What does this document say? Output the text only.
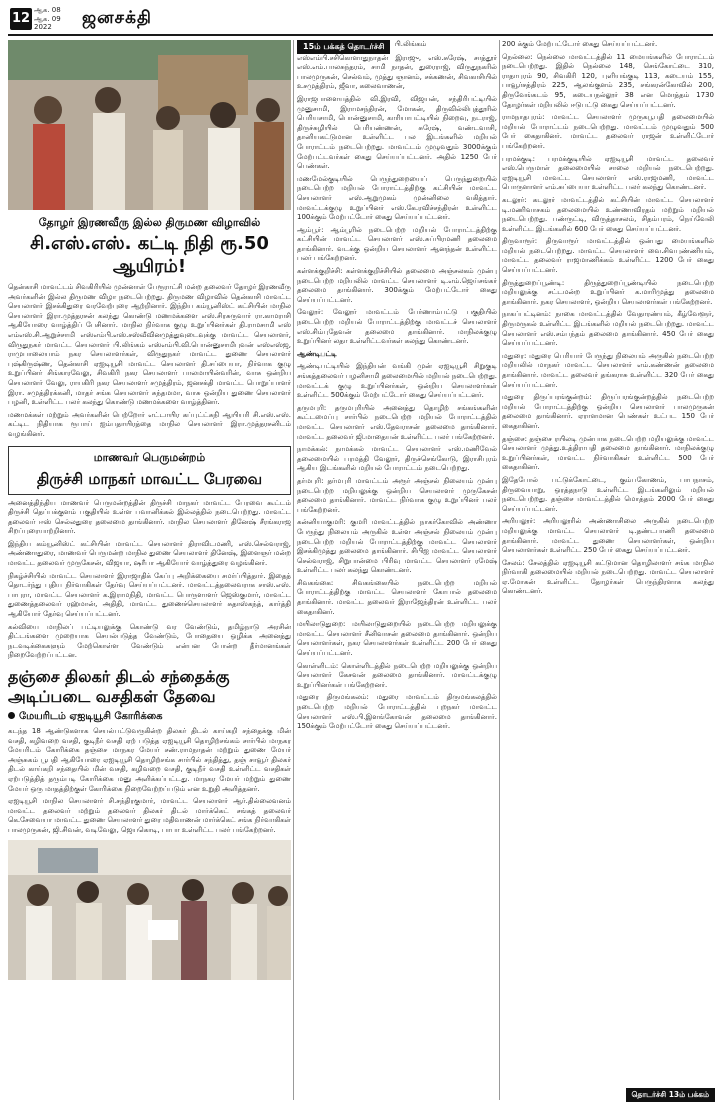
12
ஆக. 08
ஆக. 09
2022	ஜனசக்தி
தோழர் இரணவீரு இல்ல திருமண விழாவில்
சி.எஸ்.எஸ். கட்டி நிதி ரூ.50 ஆயிரம்!

தென்காசி மாவட்டம் சிவகிரியில் முன்னாள் பேரூராட்சி மன்ற தலைவர் தோழர் இரணவீரு அவர்களின் இல்ல திருமண விழா நடைபெற்றது. திருமண விழாவில் தென்காசி மாவட்ட செயலாளர் இசக்கிதுரை வரவேற்புரை ஆற்றினார். இந்திய கம்யூனிஸ்ட் கட்சியின் மாநில செயலாளர் இரா.முத்தரசன் கலந்து கொண்டு மணமக்களை எஸ்.சிரசுருவார் ரா.காமராசி ஆகியோரை வாழ்த்திப் பேசினார். மாநில நிர்வாக குழு உறுப்பினர்கள் தி.ராமசாமி எஸ் எம்எஸ்.சி.ஆறுச்சாமி எஸ்எம்பி.எஸ்.சஸ்வீவினமுத்துவுடைவுக்கு மாவட்ட செயலாளர், விருதுநகர் மாவட்ட செயலாளர் பி.லிங்கம் எஸ்எம்பி.வி.பொன்னுசாமிபுவன் எஸ்எஸ்ஜ, ராமுபாலையாம் நகர செயலாளர்கள், விருதுநகர் மாவட்ட துணை செயலாளர் புஷ்கிருஷ்ண, தென்காசி ஏஐடியூசி மாவட்ட செயலாளர் தி.சப்பையா, நிர்வாக குழு உறுப்பினர் சிங்காரவேலு, சிவகிரி நகர செயலாளர் பாலமாயின்வரின், வாசு ஒன்றிய செயலாளர் வேலு, ராயகிரி நகர செயலாளர் சமுத்திரம், ஜனசக்தி மாவட்ட பொறுப்பாளர் இரா. சமுத்திரக்கனி, மாதர் சங்க செயலாளர் சுந்தமமா, வாசு ஒன்றிய துணை செயலாளர் பழனி, உள்ளிட்ட பலர் கலந்து கொண்டு மணமக்களை வாழ்த்தினர்.

மணமக்கள் மற்றும் அவர்களின் பெற்றோர் எட்டாயிர கப்புட்ட்சுநி ஆயியரி சி.எஸ்.எஸ். கட்டிட நிதியாக ரூபாய் ஐம்பதாயிரத்தை மாநில செயலாளர் இரா.முத்தரசனிடம் வழங்கினர்.

மாணவர் பெருமன்றம்
திருச்சி மாநகர் மாவட்ட பேரவை

அனைத்திந்திய மாணவர் பெருமன்றத்தின் திருச்சி மாநகர் மாவட்ட பேரவை கூட்டம் திருச்சி தெப்பக்குளம் பகுதியில் உள்ள பவானிக்கல் இல்லத்தில் நடைபெற்றது. மாவட்ட தலைவர் ஈஸ் செல்லதுரை தலைமை தாங்கினார். மாநில செயலாளர் தினேஷ் சீரங்கராஜ சிறப்புரையாற்றினார்.

இந்திய கம்யூனிஸ்ட் கட்சியின் மாவட்ட செயலாளர் திராவிடமணி, எஸ்.செல்வராஜ், அண்ணாதுரை, மாணவர் பெருமன்ற மாநில துணை செயலாளர் தினேஷ், இளைஞர் மன்ற மாவட்ட தலைவர் முருகேசன், விஜயா, ஷரீபா ஆகியோர் வாழ்த்துரை வழங்கினர்.

நிகழ்ச்சியில் மாவட்ட செயலாளர் இராஜாதிக் கேப்பு அறிக்கையை சமர்ப்பித்தார். இதைத் தொடர்ந்து புதிய நிர்வாகிகள் தேர்வு செய்யப்பட்டனர். மாவட்டத்தலைவராக சாஸ்.எஸ். பாபுரா, மாவட்ட செயலாளர் க.இராமநிதி, மாவட்ட பொருளாளர் ஜெஸ்குமார், மாவட்ட துணைத்தலைவர் ரஹ்மான், அதிதி, மாவட்ட துணைச்செயலாளர் சுதாஸ்கந்த், கார்த்தி ஆகியோர் தேர்வு செய்யப்பட்டனர்.

கல்வியை மாநிலப் பட்டியலுக்கு கொண்டு வர வேண்டும், தமிழ்நாடு அரசின் திட்டங்களை முறையாக செயல்படுத்த வேண்டும், போதையை ஒழிக்க அனைத்து நடவடிக்கைகளும் மேற்கொள்ள வேண்டும் என்பன போன்ற தீர்மானங்கள் நிறைவேற்றப்பட்டன.

தஞ்சை திலகர் திடல் சந்தைக்கு அடிப்படை வசதிகள் தேவை
மேயரிடம் ஏஐடியூசி கோரிக்கை

கடந்த 18 ஆண்டுகளாக செயல்பட்டுவருகின்ற திலகர் திடல் காய்கறி சந்தைக்கு மின் வசதி, கழிவறை வசதி, குடிநீர் வசதி ஏற் படுத்த ஏஐடியூசி தொழிற்சங்கம் சார்பில் மாநகர மேயரிடம் கோரிக்கை தஞ்சை மாநகர மேயர் சண்.ராமநாதன் மற்றும் துணை மேயர் அஞ்சுகம் பூபதி ஆகியோரை ஏஐடியூசி தொழிற்சங்க சார்பில் சந்தித்து, தஞ் சாவூர் திலகர் திடல் காய்கறி சந்தையில் மின் வசதி, கழிவறை வசதி, குடிநீர் வசதி உள்ளிட்ட வசதிகள் ஏற்படுத்தித் தரும்படி கோரிக்கை மனு அளிக்கப்பட்டது. மாநகர மேயர் மற்றும் துணை மேயர் ஒரு மாதத்திற்குள் கோரிக்கை நிறைவேற்றப்படும் என உறுதி அளித்தனர்.

ஏஐடியூசி மாநில செயலாளர் சி.சந்திரகுமார், மாவட்ட செயலாளர் ஆர்.தில்லைவனம் மாவட்ட தலைவர் மற்றும் தலைவர் திலகர் திடல் மார்க்கெட் சங்கத் தலைவர் கெ.சேவையா மாவட்ட துணை செயலாளர் துரை மதிவாணன் மார்க்கெட் சங்க நிர்வாகிகள் பாலமுருகன், ஜி.சிவன், வடிவேலு, ஜெயகொடி, பாபா உள்ளிட்ட பலர் பங்கேற்றனர்.

15ம் பக்கத் தொடர்ச்சி பி.லிங்கம் எஸ்எம்பி.சசிகொளாதுநாதன் இராஜு, எஸ்.சுரேஷ், சாத்தூர் எஸ்.எம்.பாலசுந்தரம், சாமி நாதன், துரைராஜ், விருதுநகரில் பாலமுருகன், செல்வம், முத்து ஞானம், சக்கணன், சிவகாசியில் உசமுத்திரம், ஜீவா, கலைவாணன்,

இராஜபாளையத்தில் வி.இரவி, விஜயன், சந்திரிபட்டியில் முனுசாமி, இராமசந்திரன், மோகன், திருவில்லிபுத்தூரில் பெரியசாமி, பொன்னுசாமி, காரியாபட்டியில் நிறைவு, நடராஜ், திருச்சுழியில் பெரியண்ணன், சுரேஷ், வ‌ண்டவாசி, தானியகட்டுமான உள்ளிட்ட பல இடங்களில் மறியல் போராட்டம் நடைபெற்றது. மாவட்டம் முழுவதும் 3000க்கும் மேற்பட்டவர்கள் கைது செய்யப்பட்டனர். அதில் 1250 பேர் பெண்கள்.

மணமேல்குடியில் பெருந்துறையைப் பெருந்துறையில் நடைபெற்ற மறியல் போராட்டத்திற்கு கட்சியின் மாவட்ட செயலாளர் எஸ்.ஆறுமுகம் முன்னிலை வகித்தார். மாவட்டக்குழு உறுப்பினர் எஸ்.கே.ரவிச்சந்திரன் உள்ளிட்ட 100க்கும் மேற்பட்டோர் கைது செய்யப்பட்டனர்.

ஆம்பூர்: ஆம்பூரில் நடைபெற்ற மறியல் போராட்டத்திற்கு கட்சியின் மாவட்ட செயலாளர் எஸ்.சுப்பிரமணி தலைமை தாங்கினார். வடக்கு ஒன்றிய செயலாளர் ஆனந்தன் உள்ளிட்ட பலர் பங்கேற்றனர்.

கள்ளக்குறிச்சி: கள்ளக்குறிச்சியில் தலைமை அஞ்சலகம் முன்பு நடைபெற்ற மறியலில் மாவட்ட செயலாளர் டி.எம்.ஜெய்சங்கர் தலைமை தாங்கினார். 300க்கும் மேற்பட்டோர் கைது செய்யப்பட்டனர்.

வேலூர்: வேலூர் மாவட்டம் பேர்ணாம்பட்டு பகுதியில் நடைபெற்ற மறியல் போராட்டத்திற்கு மாவட்டச் செயலாளர் எஸ்.சிம்புதேவன் தலைமை தாங்கினார். மாநிலக்குழு உறுப்பினர் லதா உள்ளிட்டவர்கள் கலந்து கொண்டனர்.

ஆண்டிபட்டி

ஆண்டிபட்டியில் இந்தியன் வங்கி முன் ஏஐடியூசி சிறுகுடி சங்கத்தலைவர் பழனிசாமி தலைமையில் மறியல் நடைபெற்றது. மாவட்டக் குழு உறுப்பினர்கள், ஒன்றிய செயலாளர்கள் உள்ளிட்ட 500க்கும் மேற்பட்டோர் கைது செய்யப்பட்டனர்.

தருமபுரி: தருமபுரியில் அனைத்து தொழிற் சங்கங்களின் கூட்டமைப்பு சார்பில் நடைபெற்ற மறியல் போராட்டத்தில் மாவட்ட செயலாளர் எஸ்.தேவராசன் தலைமை தாங்கினார். மாவட்ட தலைவர் ஜி.மாதையன் உள்ளிட்ட பலர் பங்கேற்றனர்.

நாமக்கல்: நாமக்கல் மாவட்ட செயலாளர் எஸ்.மணிவேல் தலைமையில் பரமத்தி வேலூர், திருச்செங்கோடு, இராசிபுரம் ஆகிய இடங்களில் மறியல் போராட்டம் நடைபெற்றது.

தர்மபுரி: தர்மபுரி மாவட்டம் அரூர் அஞ்சல் நிலையம் முன்பு நடைபெற்ற மறியலுக்கு ஒன்றிய செயலாளர் முருகேசன் தலைமை தாங்கினார். மாவட்ட நிர்வாக குழு உறுப்பினர் பலர் பங்கேற்றனர்.

கன்னியாகுமரி: குமரி மாவட்டத்தில் நாகர்கோவில் அண்ணா பேருந்து நிலையம் அருகில் உள்ள அஞ்சல் நிலையம் முன்பு நடைபெற்ற மறியல் போராட்டத்திற்கு மாவட்ட செயலாளர் இசக்கிமுத்து தலைமை தாங்கினார். சிபிஐ மாவட்ட செயலாளர் செல்வராஜ், சிறுபான்மை பிரிவு மாவட்ட செயலாளர் ரமேஷ் உள்ளிட்ட பலர் கலந்து கொண்டனர்.

சிவகங்கை: சிவகங்கையில் நடைபெற்ற மறியல் போராட்டத்திற்கு மாவட்ட செயலாளர் கோபால் தலைமை தாங்கினார். மாவட்ட தலைவர் இராஜேந்திரன் உள்ளிட்ட பலர் கைதாகினர்.

மயிலாடுதுறை: மயிலாடுதுறையில் நடைபெற்ற மறியலுக்கு மாவட்ட செயலாளர் சீனிவாசன் தலைமை தாங்கினார். ஒன்றிய செயலாளர்கள், நகர செயலாளர்கள் உள்ளிட்ட 200 பேர் கைது செய்யப்பட்டனர்.

கொள்ளிடம்: கொள்ளிடத்தில் நடைபெற்ற மறியலுக்கு ஒன்றிய செயலாளர் கேசவன் தலைமை தாங்கினார். மாவட்டக்குழு உறுப்பினர்கள் பங்கேற்றனர்.

மதுரை திருமங்கலம்: மதுரை மாவட்டம் திருமங்கலத்தில் நடைபெற்ற மறியல் போராட்டத்தில் புறநகர் மாவட்ட செயலாளர் எஸ்.பி.இளங்கோவன் தலைமை தாங்கினார். 150க்கும் மேற்பட்டோர் கைது செய்யப்பட்டனர்.

200 க்கும் மேற்பட்டோர் கைது செய்யப்பட்டனர்.

நெல்லை: நெல்லை மாவட்டத்தில் 11 மையங்களில் போராட்டம் நடைபெற்றது. இதில் நெல்லை 148, செங்கோட்டை 310, ராதாபுரம் 90, சிவகிரி 120, புளியங்குடி 113, கடையம் 155, பாவூர்சத்திரம் 225, ஆலங்குளம் 235, சங்கரன்கோவில் 200, திருவேங்கடம் 95, கடையநல்லூர் 38 என மொத்தம் 1730 தோழர்கள் மறியலில் ஈடுபட்டு கைது செய்யப்பட்டனர்.

ராமநாதபுரம்: மாவட்ட செயலாளர் முருகபூபதி தலைமையில் மறியல் போராட்டம் நடைபெற்றது. மாவட்டம் முழுவதும் 500 பேர் கைதாகினர். மாவட்ட தலைவர் ராஜன் உள்ளிட்டோர் பங்கேற்றனர்.

பரமக்குடி: பரமக்குடியில் ஏஐடியூசி மாவட்ட தலைவர் எஸ்.பெருமாள் தலைமையில் சாலை மறியல் நடைபெற்றது. ஏஐடியூசி மாவட்ட செயலாளர் எஸ்.ராஜமணி, மாவட்ட பொருளாளர் எம்.சுப்பையா உள்ளிட்ட பலர் கலந்து கொண்டனர்.

கடலூர்: கடலூர் மாவட்டத்தில் கட்சியின் மாவட்ட செயலாளர் டி.மணிவாசகம் தலைமையில் உண்ணாவிரதம் மற்றும் மறியல் நடைபெற்றது. பண்ருட்டி, விருத்தாசலம், சிதம்பரம், நெய்வேலி உள்ளிட்ட இடங்களில் 600 பேர் கைது செய்யப்பட்டனர்.

திருவாரூர்: திருவாரூர் மாவட்டத்தில் ஒன்பது மையங்களில் மறியல் நடைபெற்றது. மாவட்ட செயலாளர் வை.சிவபுண்ணியம், மாவட்ட தலைவர் ராஜமாணிக்கம் உள்ளிட்ட 1200 பேர் கைது செய்யப்பட்டனர்.

திருத்துறைப்பூண்டி: திருத்துறைப்பூண்டியில் நடைபெற்ற மறியலுக்கு சட்டமன்ற உறுப்பினர் க.மாரிமுத்து தலைமை தாங்கினார். நகர செயலாளர், ஒன்றிய செயலாளர்கள் பங்கேற்றனர்.

நாகப்பட்டினம்: நாகை மாவட்டத்தில் வேதாரண்யம், கீழ்வேளூர், திருமருகல் உள்ளிட்ட இடங்களில் மறியல் நடைபெற்றது. மாவட்ட செயலாளர் எஸ்.சம்பந்தம் தலைமை தாங்கினார். 450 பேர் கைது செய்யப்பட்டனர்.

மதுரை: மதுரை பெரியார் பேருந்து நிலையம் அருகில் நடைபெற்ற மறியலில் மாநகர் மாவட்ட செயலாளர் எம்.கண்ணன் தலைமை தாங்கினார். மாவட்ட தலைவர் தங்கராசு உள்ளிட்ட 320 பேர் கைது செய்யப்பட்டனர்.

மதுரை திருப்பரங்குன்றம்: திருப்பரங்குன்றத்தில் நடைபெற்ற மறியல் போராட்டத்திற்கு ஒன்றிய செயலாளர் பாலமுருகன் தலைமை தாங்கினார். ஏராளமான பெண்கள் உட்பட 150 பேர் கைதாகினர்.

தஞ்சை: தஞ்சை ரயிலடி முன்பாக நடைபெற்ற மறியலுக்கு மாவட்ட செயலாளர் முத்து.உத்திராபதி தலைமை தாங்கினார். மாநிலக்குழு உறுப்பினர்கள், மாவட்ட நிர்வாகிகள் உள்ளிட்ட 500 பேர் கைதாகினர்.

இதேபோல் பட்டுக்கோட்டை, கும்பகோணம், பாபநாசம், திருவையாறு, ஒரத்தநாடு உள்ளிட்ட இடங்களிலும் மறியல் நடைபெற்றது. தஞ்சை மாவட்டத்தில் மொத்தம் 2000 பேர் கைது செய்யப்பட்டனர்.

அரியலூர்: அரியலூரில் அண்ணாசிலை அருகில் நடைபெற்ற மறியலுக்கு மாவட்ட செயலாளர் டி.தண்டபாணி தலைமை தாங்கினார். மாவட்ட துணை செயலாளர்கள், ஒன்றிய செயலாளர்கள் உள்ளிட்ட 250 பேர் கைது செய்யப்பட்டனர்.

சேலம்: சேலத்தில் ஏஐடியூசி கட்டுமான தொழிலாளர் சங்க மாநில நிர்வாகி தலைமையில் மறியல் நடைபெற்றது. மாவட்ட செயலாளர் ஏ.மோகன் உள்ளிட்ட தோழர்கள் பெருந்திரளாக கலந்து கொண்டனர்.

தொடர்ச்சி 13ம் பக்கம்
